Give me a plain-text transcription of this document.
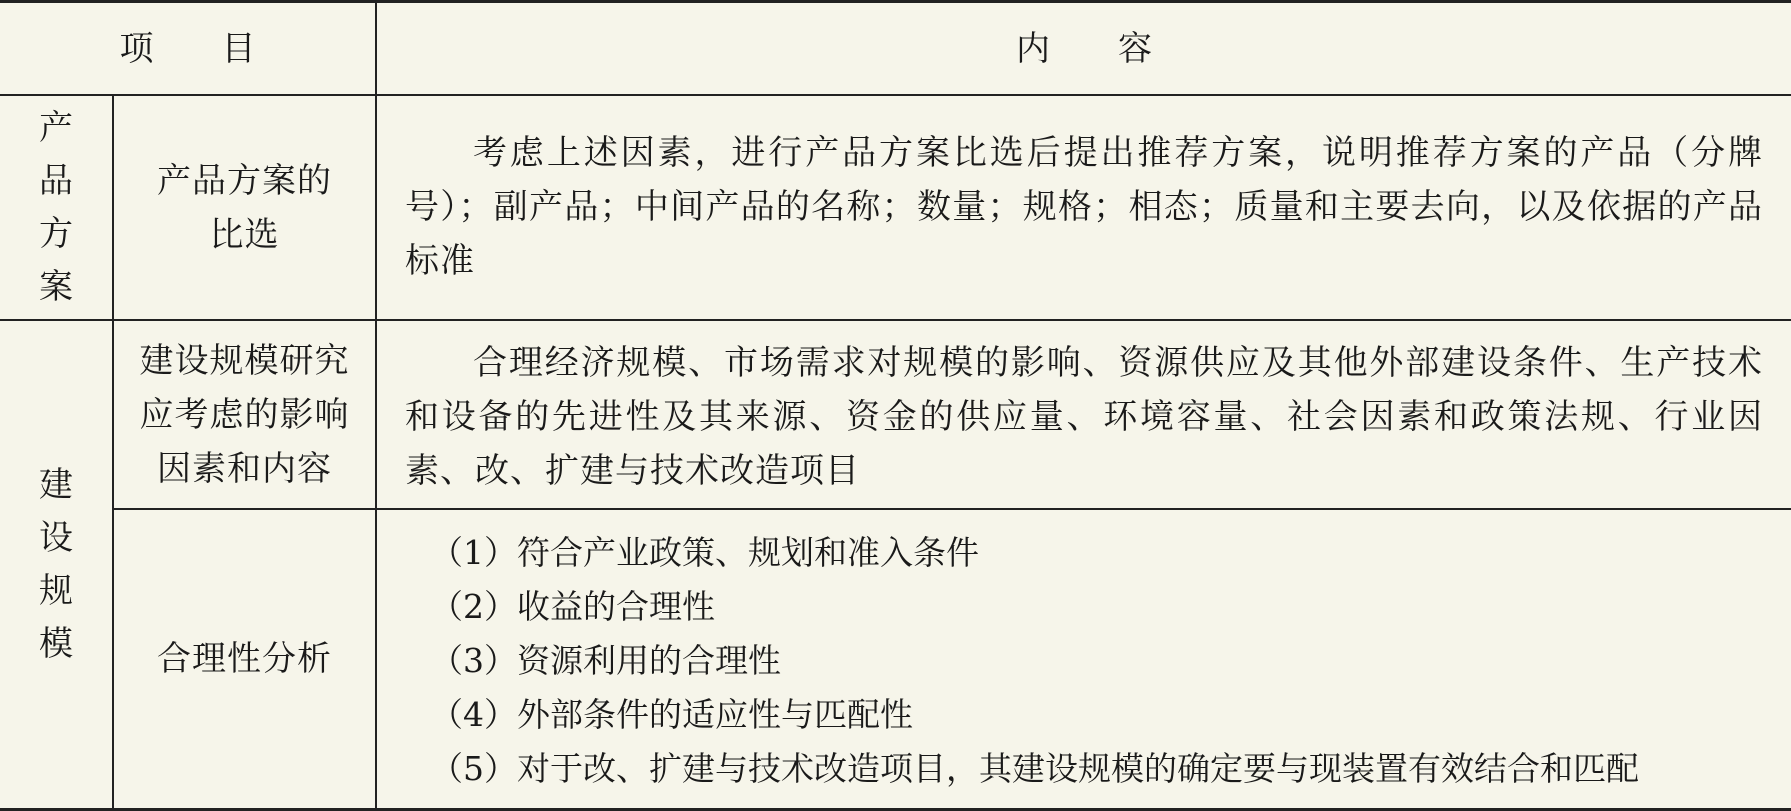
项　　目	内　　容
产
品
方
案
产品方案的比选
考虑上述因素，进行产品方案比选后提出推荐方案，说明推荐方案的产品（分牌号）；副产品；中间产品的名称；数量；规格；相态；质量和主要去向，以及依据的产品标准
建
设
规
模
建设规模研究应考虑的影响因素和内容
合理经济规模、市场需求对规模的影响、资源供应及其他外部建设条件、生产技术和设备的先进性及其来源、资金的供应量、环境容量、社会因素和政策法规、行业因素、改、扩建与技术改造项目
合理性分析
（1）符合产业政策、规划和准入条件
（2）收益的合理性
（3）资源利用的合理性
（4）外部条件的适应性与匹配性
（5）对于改、扩建与技术改造项目，其建设规模的确定要与现装置有效结合和匹配
